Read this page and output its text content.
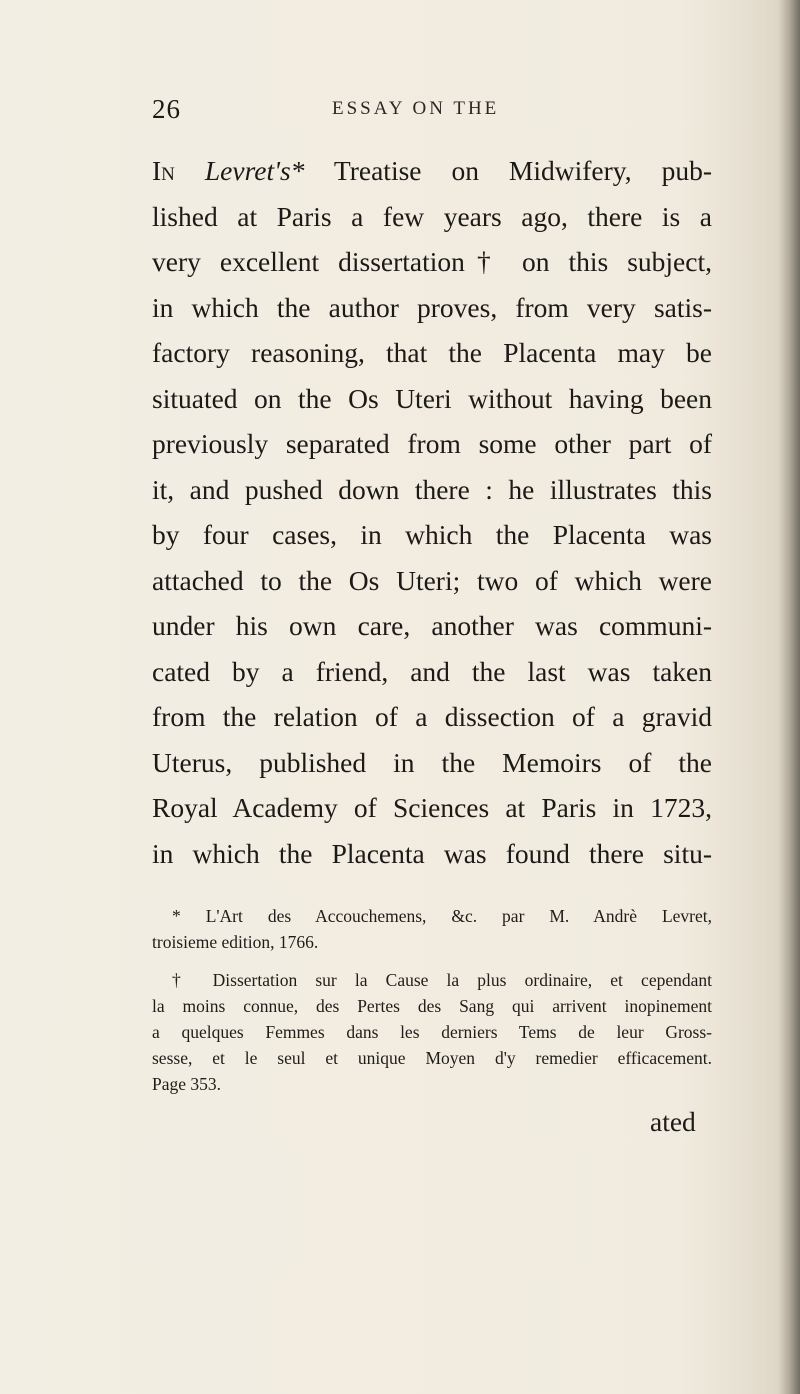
26	ESSAY ON THE
In Levret's* Treatise on Midwifery, pub-
lished at Paris a few years ago, there is a
very excellent dissertation† on this subject,
in which the author proves, from very satis-
factory reasoning, that the Placenta may be
situated on the Os Uteri without having been
previously separated from some other part of
it, and pushed down there : he illustrates this
by four cases, in which the Placenta was
attached to the Os Uteri; two of which were
under his own care, another was communi-
cated by a friend, and the last was taken
from the relation of a dissection of a gravid
Uterus, published in the Memoirs of the
Royal Academy of Sciences at Paris in 1723,
in which the Placenta was found there situ-
* L'Art des Accouchemens, &c. par M. Andrè Levret,
troisieme edition, 1766.
† Dissertation sur la Cause la plus ordinaire, et cependant
la moins connue, des Pertes des Sang qui arrivent inopinement
a quelques Femmes dans les derniers Tems de leur Gross-
sesse, et le seul et unique Moyen d'y remedier efficacement.
Page 353.
ated
